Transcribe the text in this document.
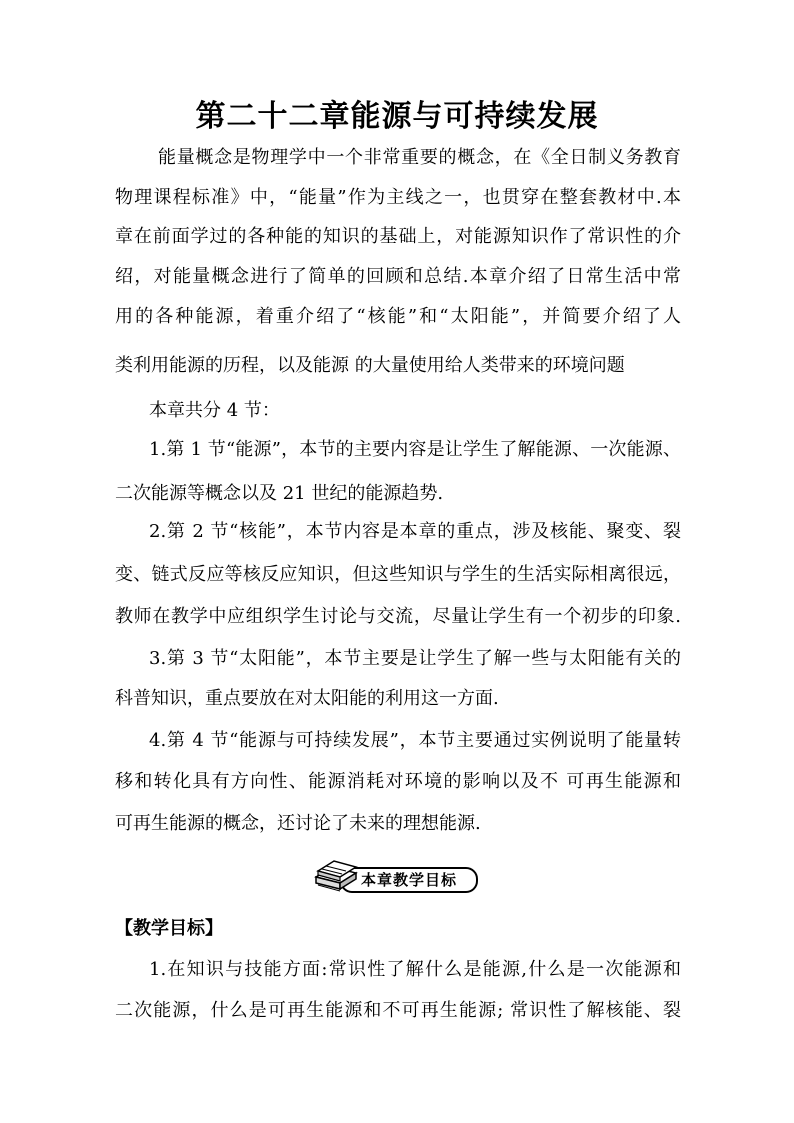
第二十二章能源与可持续发展
能量概念是物理学中一个非常重要的概念，在《全日制义务教育
物理课程标准》中，“能量”作为主线之一，也贯穿在整套教材中.本
章在前面学过的各种能的知识的基础上，对能源知识作了常识性的介
绍，对能量概念进行了简单的回顾和总结.本章介绍了日常生活中常
用的各种能源，着重介绍了“核能”和“太阳能”，并简要介绍了人
类利用能源的历程，以及能源 的大量使用给人类带来的环境问题
本章共分 4 节：
1.第 1 节“能源”，本节的主要内容是让学生了解能源、一次能源、
二次能源等概念以及 21 世纪的能源趋势.
2.第 2 节“核能”，本节内容是本章的重点，涉及核能、聚变、裂
变、链式反应等核反应知识，但这些知识与学生的生活实际相离很远，
教师在教学中应组织学生讨论与交流，尽量让学生有一个初步的印象.
3.第 3 节“太阳能”，本节主要是让学生了解一些与太阳能有关的
科普知识，重点要放在对太阳能的利用这一方面.
4.第 4 节“能源与可持续发展”，本节主要通过实例说明了能量转
移和转化具有方向性、能源消耗对环境的影响以及不 可再生能源和
可再生能源的概念，还讨论了未来的理想能源.
本章教学目标
【教学目标】
1.在知识与技能方面:常识性了解什么是能源,什么是一次能源和
二次能源，什么是可再生能源和不可再生能源; 常识性了解核能、裂
